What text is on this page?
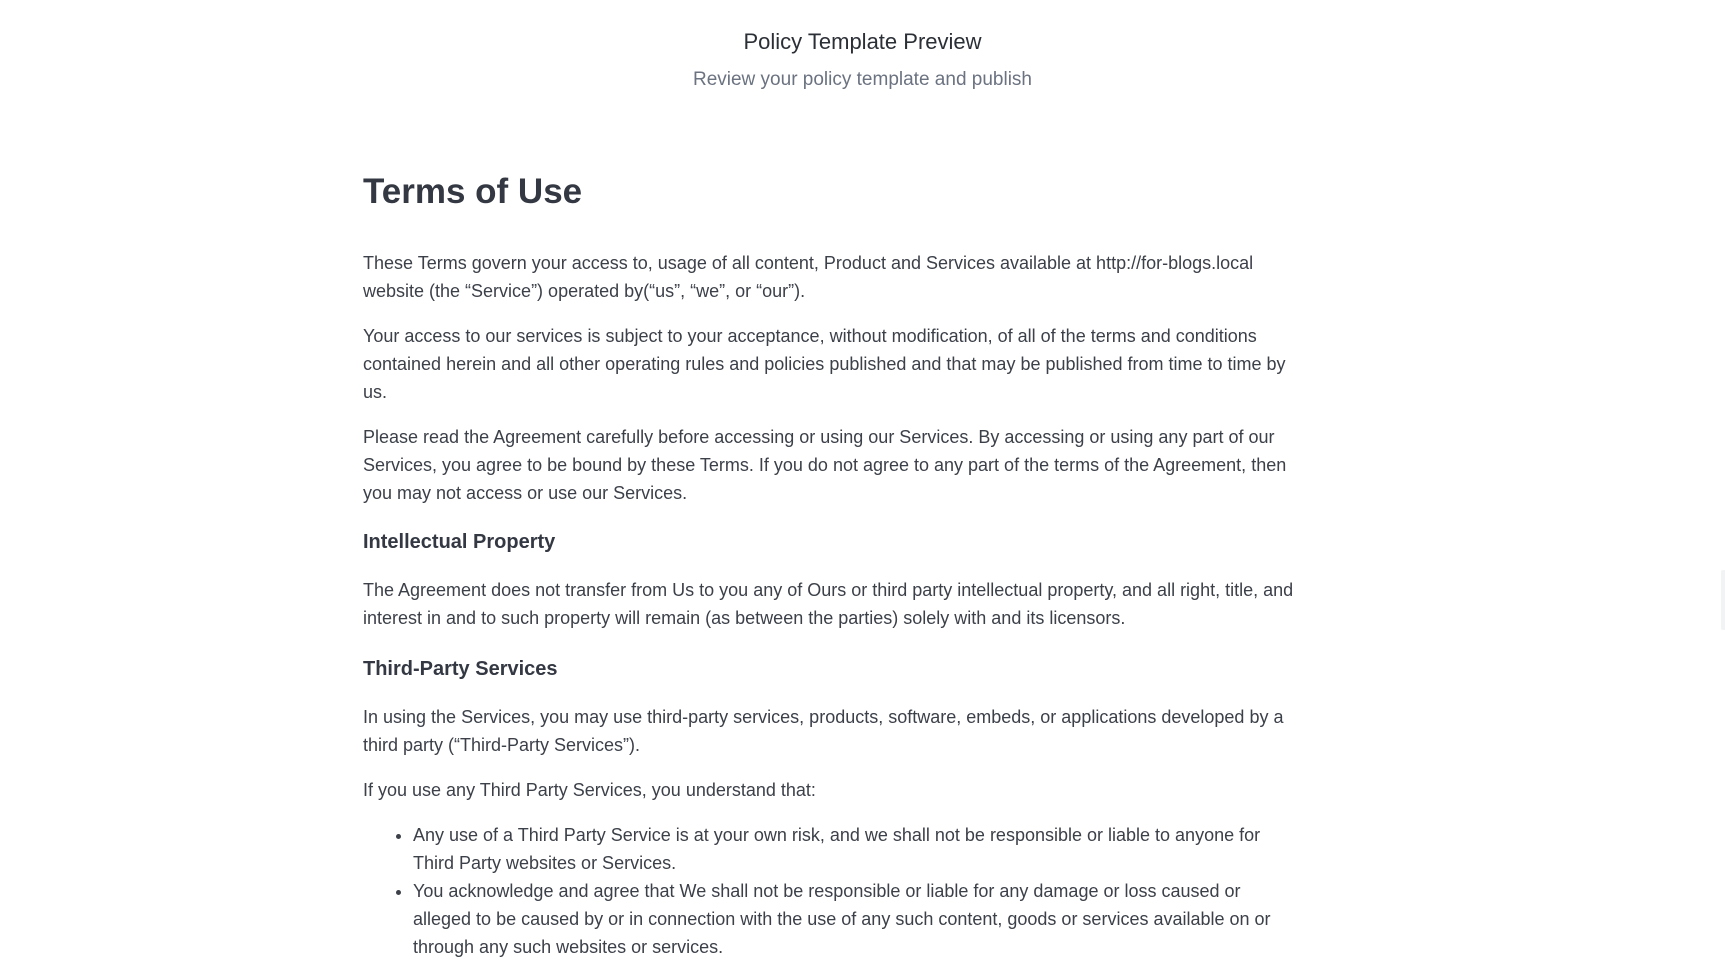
Policy Template Preview

Review your policy template and publish

Terms of Use

These Terms govern your access to, usage of all content, Product and Services available at http://for-blogs.local website (the “Service”) operated by(“us”, “we”, or “our”).

Your access to our services is subject to your acceptance, without modification, of all of the terms and conditions contained herein and all other operating rules and policies published and that may be published from time to time by us.

Please read the Agreement carefully before accessing or using our Services. By accessing or using any part of our Services, you agree to be bound by these Terms. If you do not agree to any part of the terms of the Agreement, then you may not access or use our Services.

Intellectual Property

The Agreement does not transfer from Us to you any of Ours or third party intellectual property, and all right, title, and interest in and to such property will remain (as between the parties) solely with and its licensors.

Third-Party Services

In using the Services, you may use third-party services, products, software, embeds, or applications developed by a third party (“Third-Party Services”).

If you use any Third Party Services, you understand that:

• Any use of a Third Party Service is at your own risk, and we shall not be responsible or liable to anyone for Third Party websites or Services.
• You acknowledge and agree that We shall not be responsible or liable for any damage or loss caused or alleged to be caused by or in connection with the use of any such content, goods or services available on or through any such websites or services.
